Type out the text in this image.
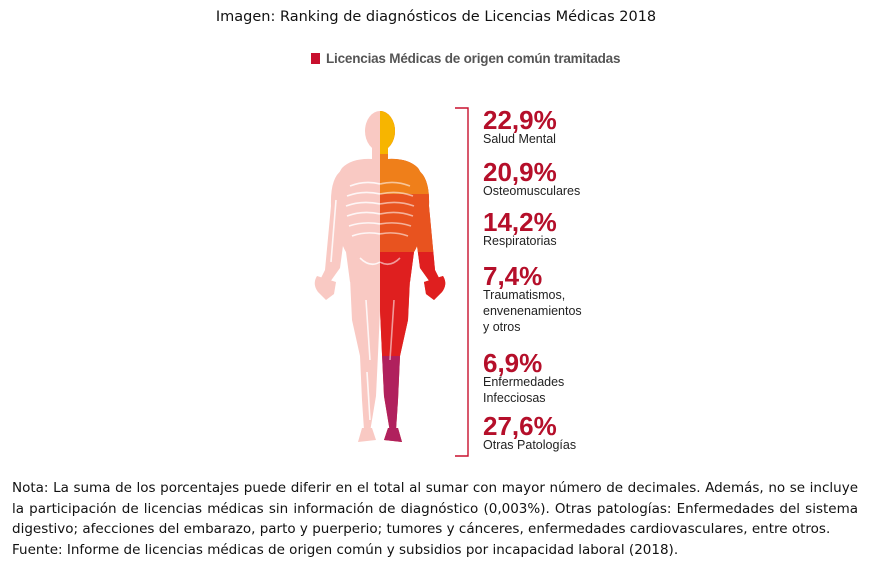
Imagen: Ranking de diagnósticos de Licencias Médicas 2018
Licencias Médicas de origen común tramitadas
22,9%
Salud Mental
20,9%
Osteomusculares
14,2%
Respiratorias
7,4%
Traumatismos,
envenenamientos
y otros
6,9%
Enfermedades
Infecciosas
27,6%
Otras Patologías

Nota: La suma de los porcentajes puede diferir en el total al sumar con mayor número de decimales. Además, no se incluye la participación de licencias médicas sin información de diagnóstico (0,003%). Otras patologías: Enfermedades del sistema digestivo; afecciones del embarazo, parto y puerperio; tumores y cánceres, enfermedades cardiovasculares, entre otros.

Fuente: Informe de licencias médicas de origen común y subsidios por incapacidad laboral (2018).
